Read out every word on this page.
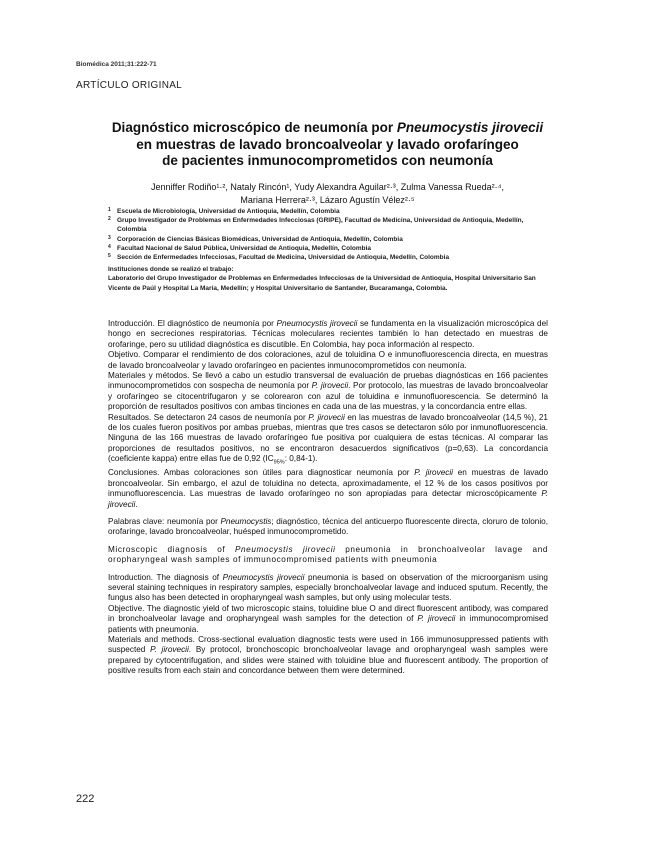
Biomédica 2011;31:222-71
ARTÍCULO ORIGINAL
Diagnóstico microscópico de neumonía por Pneumocystis jirovecii
en muestras de lavado broncoalveolar y lavado orofaríngeo
de pacientes inmunocomprometidos con neumonía
Jenniffer Rodiño¹·², Nataly Rincón¹, Yudy Alexandra Aguilar²·³, Zulma Vanessa Rueda²·⁴,
Mariana Herrera²·³, Lázaro Agustín Vélez²·⁵
1 Escuela de Microbiología, Universidad de Antioquia, Medellín, Colombia
2 Grupo Investigador de Problemas en Enfermedades Infecciosas (GRIPE), Facultad de Medicina, Universidad de Antioquia, Medellín, Colombia
3 Corporación de Ciencias Básicas Biomédicas, Universidad de Antioquia, Medellín, Colombia
4 Facultad Nacional de Salud Pública, Universidad de Antioquia, Medellín, Colombia
5 Sección de Enfermedades Infecciosas, Facultad de Medicina, Universidad de Antioquia, Medellín, Colombia
Instituciones donde se realizó el trabajo:
Laboratorio del Grupo Investigador de Problemas en Enfermedades Infecciosas de la Universidad de Antioquia, Hospital Universitario San Vicente de Paúl y Hospital La María, Medellín; y Hospital Universitario de Santander, Bucaramanga, Colombia.

Introducción. El diagnóstico de neumonía por Pneumocystis jirovecii se fundamenta en la visualización microscópica del hongo en secreciones respiratorias. Técnicas moleculares recientes también lo han detectado en muestras de orofaringe, pero su utilidad diagnóstica es discutible. En Colombia, hay poca información al respecto.

Objetivo. Comparar el rendimiento de dos coloraciones, azul de toluidina O e inmunofluorescencia directa, en muestras de lavado broncoalveolar y lavado orofaríngeo en pacientes inmunocomprometidos con neumonía.

Materiales y métodos. Se llevó a cabo un estudio transversal de evaluación de pruebas diagnósticas en 166 pacientes inmunocomprometidos con sospecha de neumonía por P. jirovecii. Por protocolo, las muestras de lavado broncoalveolar y orofaríngeo se citocentrifugaron y se colorearon con azul de toluidina e inmunofluorescencia. Se determinó la proporción de resultados positivos con ambas tinciones en cada una de las muestras, y la concordancia entre ellas.

Resultados. Se detectaron 24 casos de neumonía por P. jirovecii en las muestras de lavado broncoalveolar (14,5 %), 21 de los cuales fueron positivos por ambas pruebas, mientras que tres casos se detectaron sólo por inmunofluorescencia. Ninguna de las 166 muestras de lavado orofaríngeo fue positiva por cualquiera de estas técnicas. Al comparar las proporciones de resultados positivos, no se encontraron desacuerdos significativos (p=0,63). La concordancia (coeficiente kappa) entre ellas fue de 0,92 ($IC_{95\%}$: 0,84-1).

Conclusiones. Ambas coloraciones son útiles para diagnosticar neumonía por P. jirovecii en muestras de lavado broncoalveolar. Sin embargo, el azul de toluidina no detecta, aproximadamente, el 12 % de los casos positivos por inmunofluorescencia. Las muestras de lavado orofaríngeo no son apropiadas para detectar microscópicamente P. jirovecii.

Palabras clave: neumonía por Pneumocystis; diagnóstico, técnica del anticuerpo fluorescente directa, cloruro de tolonio, orofaringe, lavado broncoalveolar, huésped inmunocomprometido.

Microscopic diagnosis of Pneumocystis jirovecii pneumonia in bronchoalveolar lavage and oropharyngeal wash samples of immunocompromised patients with pneumonia

Introduction. The diagnosis of Pneumocystis jirovecii pneumonia is based on observation of the microorganism using several staining techniques in respiratory samples, especially bronchoalveolar lavage and induced sputum. Recently, the fungus also has been detected in oropharyngeal wash samples, but only using molecular tests.

Objective. The diagnostic yield of two microscopic stains, toluidine blue O and direct fluorescent antibody, was compared in bronchoalveolar lavage and oropharyngeal wash samples for the detection of P. jirovecii in immunocompromised patients with pneumonia.

Materials and methods. Cross-sectional evaluation diagnostic tests were used in 166 immunosuppressed patients with suspected P. jirovecii. By protocol, bronchoscopic bronchoalveolar lavage and oropharyngeal wash samples were prepared by cytocentrifugation, and slides were stained with toluidine blue and fluorescent antibody. The proportion of positive results from each stain and concordance between them were determined.

222
